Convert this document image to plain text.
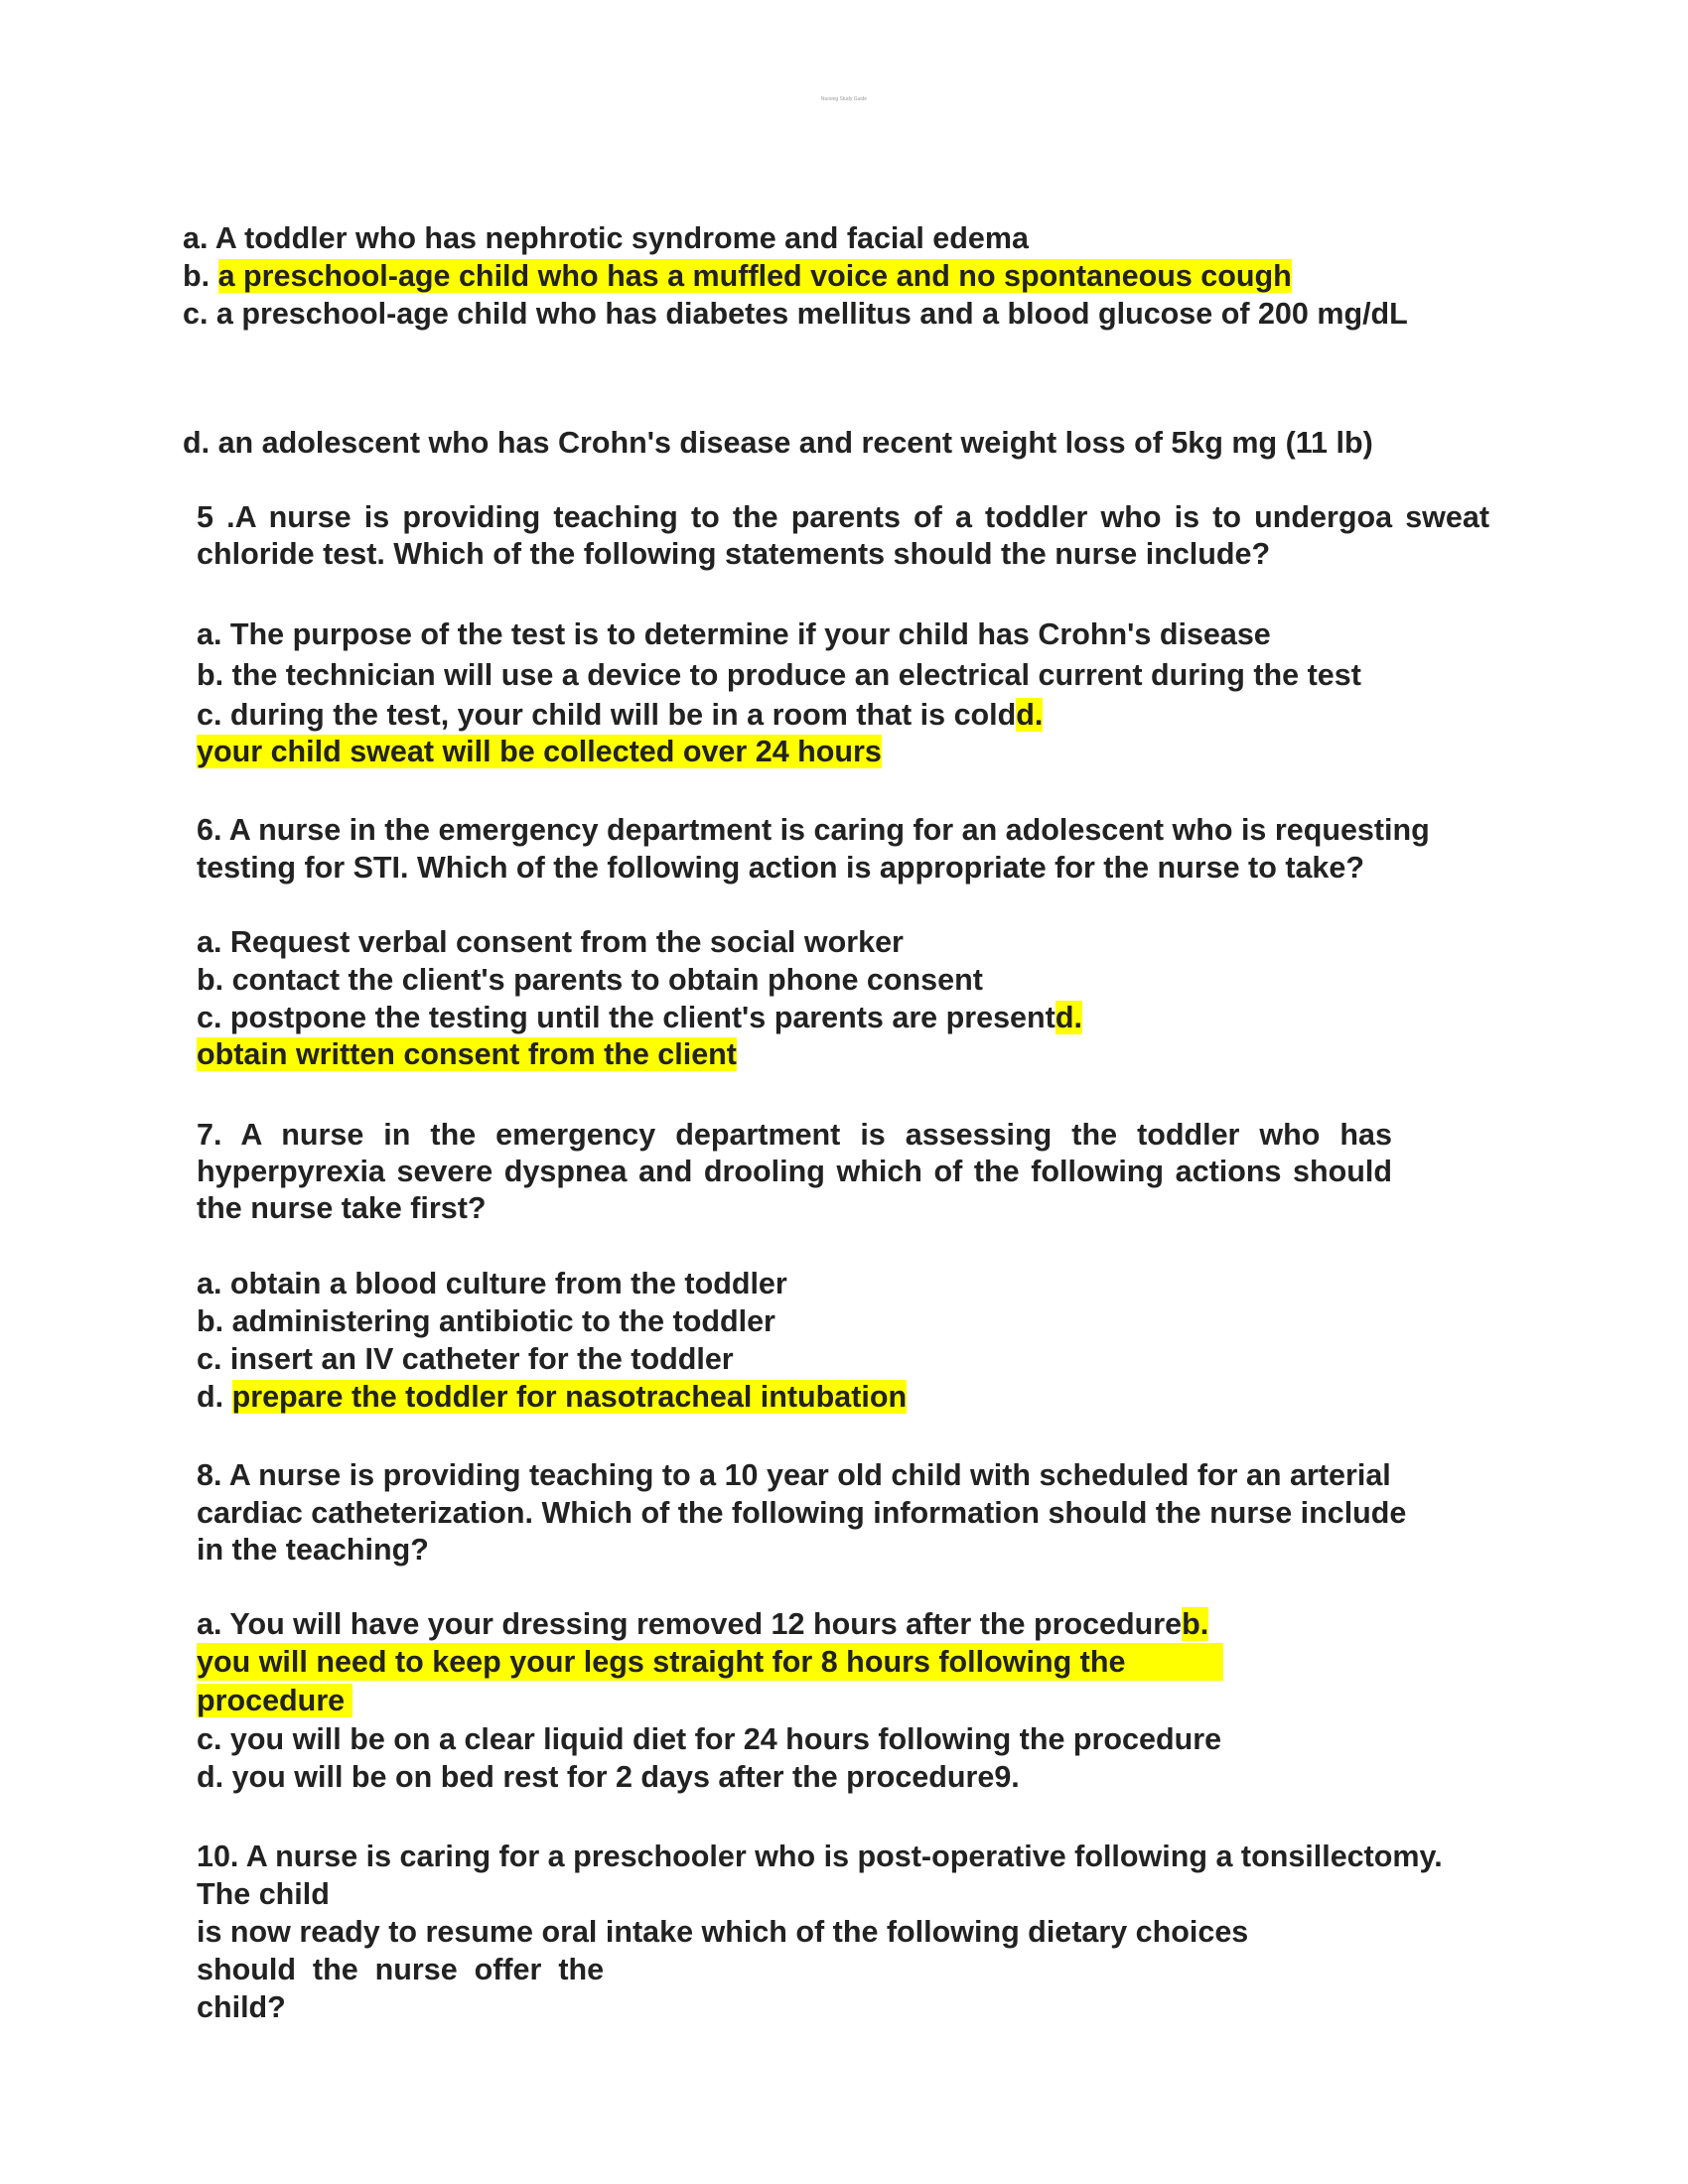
Nursing Study Guide
a. A toddler who has nephrotic syndrome and facial edema
b. a preschool-age child who has a muffled voice and no spontaneous cough
c. a preschool-age child who has diabetes mellitus and a blood glucose of 200 mg/dL
d. an adolescent who has Crohn's disease and recent weight loss of 5kg mg (11 lb)
5 .A nurse is providing teaching to the parents of a toddler who is to undergoa sweat
chloride test. Which of the following statements should the nurse include?
a. The purpose of the test is to determine if your child has Crohn's disease
b. the technician will use a device to produce an electrical current during the test
c. during the test, your child will be in a room that is coldd.
your child sweat will be collected over 24 hours
6. A nurse in the emergency department is caring for an adolescent who is requesting
testing for STI. Which of the following action is appropriate for the nurse to take?
a. Request verbal consent from the social worker
b. contact the client's parents to obtain phone consent
c. postpone the testing until the client's parents are presentd.
obtain written consent from the client
7. A nurse in the emergency department is assessing the toddler who has
hyperpyrexia severe dyspnea and drooling which of the following actions should
the nurse take first?
a. obtain a blood culture from the toddler
b. administering antibiotic to the toddler
c. insert an IV catheter for the toddler
d. prepare the toddler for nasotracheal intubation
8. A nurse is providing teaching to a 10 year old child with scheduled for an arterial
cardiac catheterization. Which of the following information should the nurse include
in the teaching?
a. You will have your dressing removed 12 hours after the procedureb.
you will need to keep your legs straight for 8 hours following the
procedure
c. you will be on a clear liquid diet for 24 hours following the procedure
d. you will be on bed rest for 2 days after the procedure9.
10. A nurse is caring for a preschooler who is post-operative following a tonsillectomy.
The child
is now ready to resume oral intake which of the following dietary choices
should  the  nurse  offer  the
child?
